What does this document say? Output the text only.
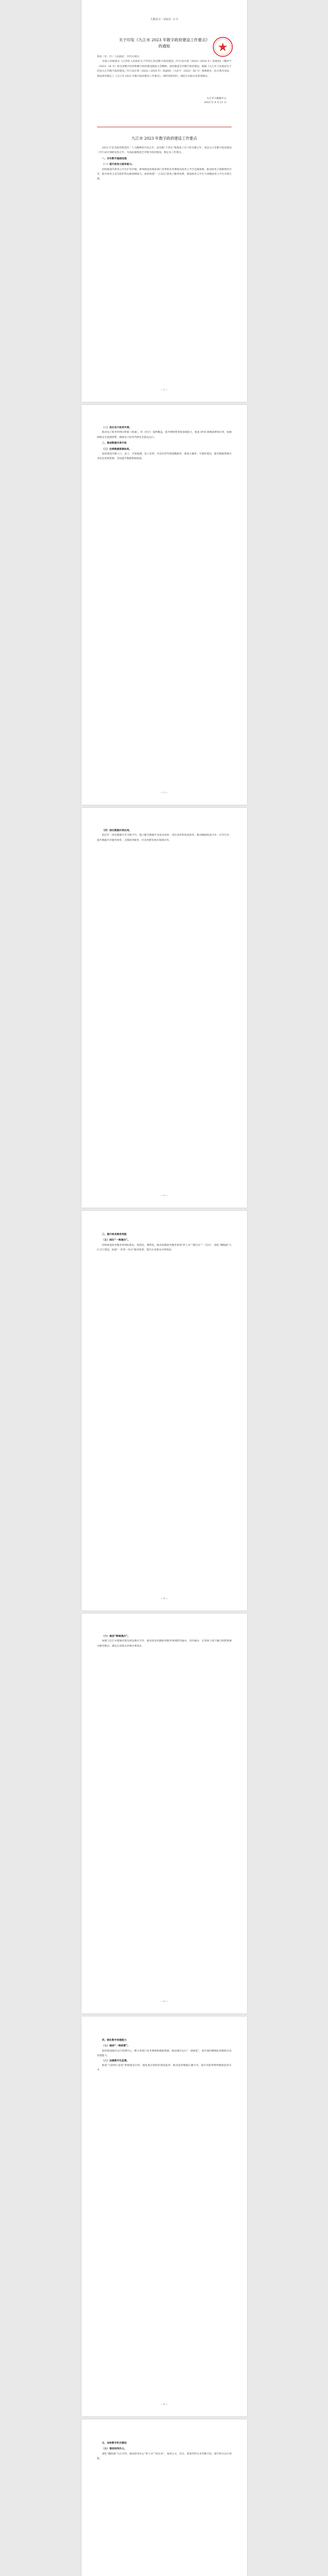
九数局字〔2023〕3 号
关于印发《九江市 2023 年数字政府建设工作要点》的通知

各县（市、区）人民政府，市有关单位：

为深入贯彻落实《江西省人民政府关于印发江西省数字政府建设三年行动计划（2022—2024 年）的通知》（赣府字〔2022〕24 号）和全省数字经济和数字政府建设推进大会精神，加快推进全市数字政府建设，根据《九江市人民政府关于印发九江市数字政府建设三年行动计划（2022—2024 年）的通知》（九府字〔2022〕56 号）部署要求，结合我市实际，我局研究制定了《九江市 2023 年数字政府建设工作要点》，现印发给你们，请结合实际认真贯彻落实。

九江市大数据中心
2023 年 4 月 21 日
九江市 2023 年数字政府建设工作要点

2023 年是全面贯彻党的二十大精神的开局之年，是实施“十四五”规划承上启下的关键之年，也是九江市数字政府建设三年行动计划的攻坚之年。为高质量推进全市数字政府建设，制定本工作要点。

一、夯实数字基础设施

（一）提升政务云服务能力。

持续推进市政务云平台扩容升级，统筹推进各地各部门非涉密业务系统向政务云平台迁移部署，推动政务云资源集约共享，提升政务云安全防护和运维保障能力。加快构建“一云多芯”政务云服务体系，推进政务云平台与省级政务云平台互联互通。

— 1 —

（二）优化电子政务外网。

推动电子政务外网向乡镇（街道）、村（社区）延伸覆盖，提升网络带宽和承载能力，推进 IPv6 规模部署和应用，加强网络安全监测预警，确保电子政务外网安全稳定运行。

二、推进数据共享开放

（三）完善数据资源体系。

加快建设市级人口、法人、空间地理、电子证照、社会信用等基础数据库，推进主题库、专题库建设，健全数据资源目录动态更新机制，全面提升数据资源质量。

— 2 —

（四）深化数据共享应用。

依托市一体化数据共享交换平台，建立健全数据共享需求清单、责任清单和负面清单，推动数据按需共享、应享尽享，提升数据共享服务效率，支撑政务服务、社会治理等重点领域应用。

— 3 —

三、提升政务服务效能

（五）深化“一网通办”。

持续推进政务服务事项标准化、规范化、便利化，推动高频政务服务事项“掌上办”“就近办”“一次办”，深化“赣服通”九江分厅建设，拓展“一件事一次办”服务场景，提升企业群众办事体验。

— 4 —

（六）推进“跨域通办”。

加强与长江中游城市群及周边地市合作，推动更多高频政务服务事项跨省通办、省内通办，完善线上线下融合的跨域通办服务模式，满足企业群众异地办事需求。

— 5 —

四、强化数字治理能力

（七）推进“一网统管”。

加快建设城市运行管理中心，整合各部门业务系统和数据资源，推动城市运行“一屏统览”，提升城市精细化管理和应急处置能力。

（八）加强数字化监管。

推进“互联网+监管”系统建设应用，强化重点领域非现场监管，推动监管数据汇聚共享，提升风险预警和精准监管水平。

— 6 —

五、加快数字机关建设

（九）推进协同办公。

深化“赣政通”九江应用，推动政务办公“掌上办”“指尖办”，加快公文、会议、督查等机关业务数字化，提升机关运行效能。
